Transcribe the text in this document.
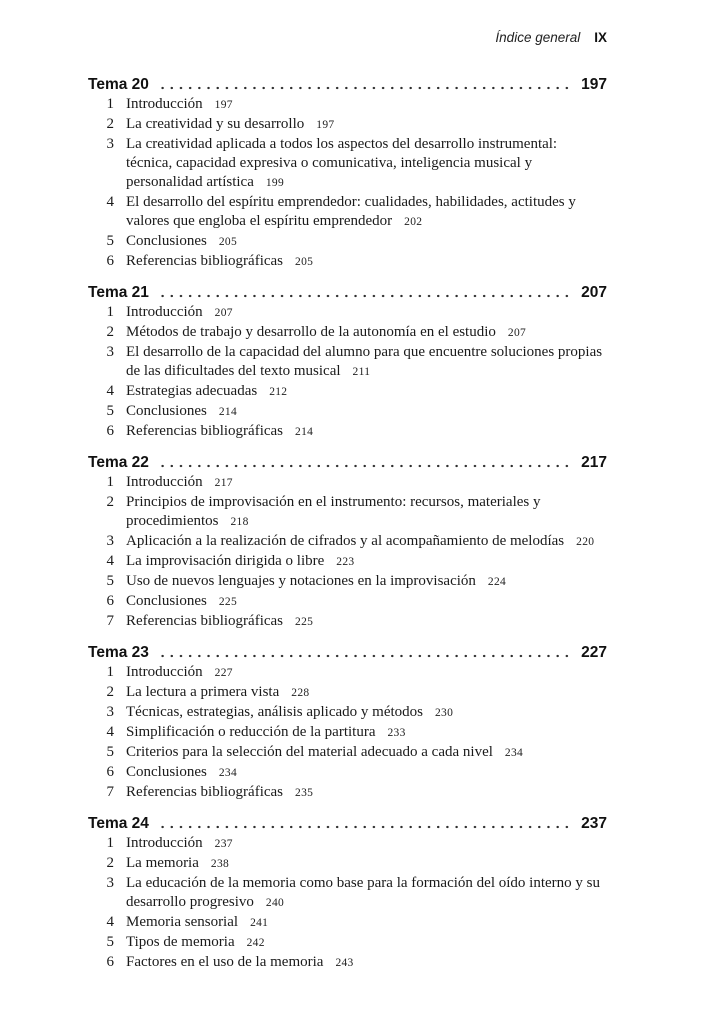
Índice general IX
Tema 20	197
1 Introducción 197
2 La creatividad y su desarrollo 197
3 La creatividad aplicada a todos los aspectos del desarrollo instrumental: técnica, capacidad expresiva o comunicativa, inteligencia musical y personalidad artística 199
4 El desarrollo del espíritu emprendedor: cualidades, habilidades, actitudes y valores que engloba el espíritu emprendedor 202
5 Conclusiones 205
6 Referencias bibliográficas 205
Tema 21	207
1 Introducción 207
2 Métodos de trabajo y desarrollo de la autonomía en el estudio 207
3 El desarrollo de la capacidad del alumno para que encuentre soluciones propias de las dificultades del texto musical 211
4 Estrategias adecuadas 212
5 Conclusiones 214
6 Referencias bibliográficas 214
Tema 22	217
1 Introducción 217
2 Principios de improvisación en el instrumento: recursos, materiales y procedimientos 218
3 Aplicación a la realización de cifrados y al acompañamiento de melodías 220
4 La improvisación dirigida o libre 223
5 Uso de nuevos lenguajes y notaciones en la improvisación 224
6 Conclusiones 225
7 Referencias bibliográficas 225
Tema 23	227
1 Introducción 227
2 La lectura a primera vista 228
3 Técnicas, estrategias, análisis aplicado y métodos 230
4 Simplificación o reducción de la partitura 233
5 Criterios para la selección del material adecuado a cada nivel 234
6 Conclusiones 234
7 Referencias bibliográficas 235
Tema 24	237
1 Introducción 237
2 La memoria 238
3 La educación de la memoria como base para la formación del oído interno y su desarrollo progresivo 240
4 Memoria sensorial 241
5 Tipos de memoria 242
6 Factores en el uso de la memoria 243
